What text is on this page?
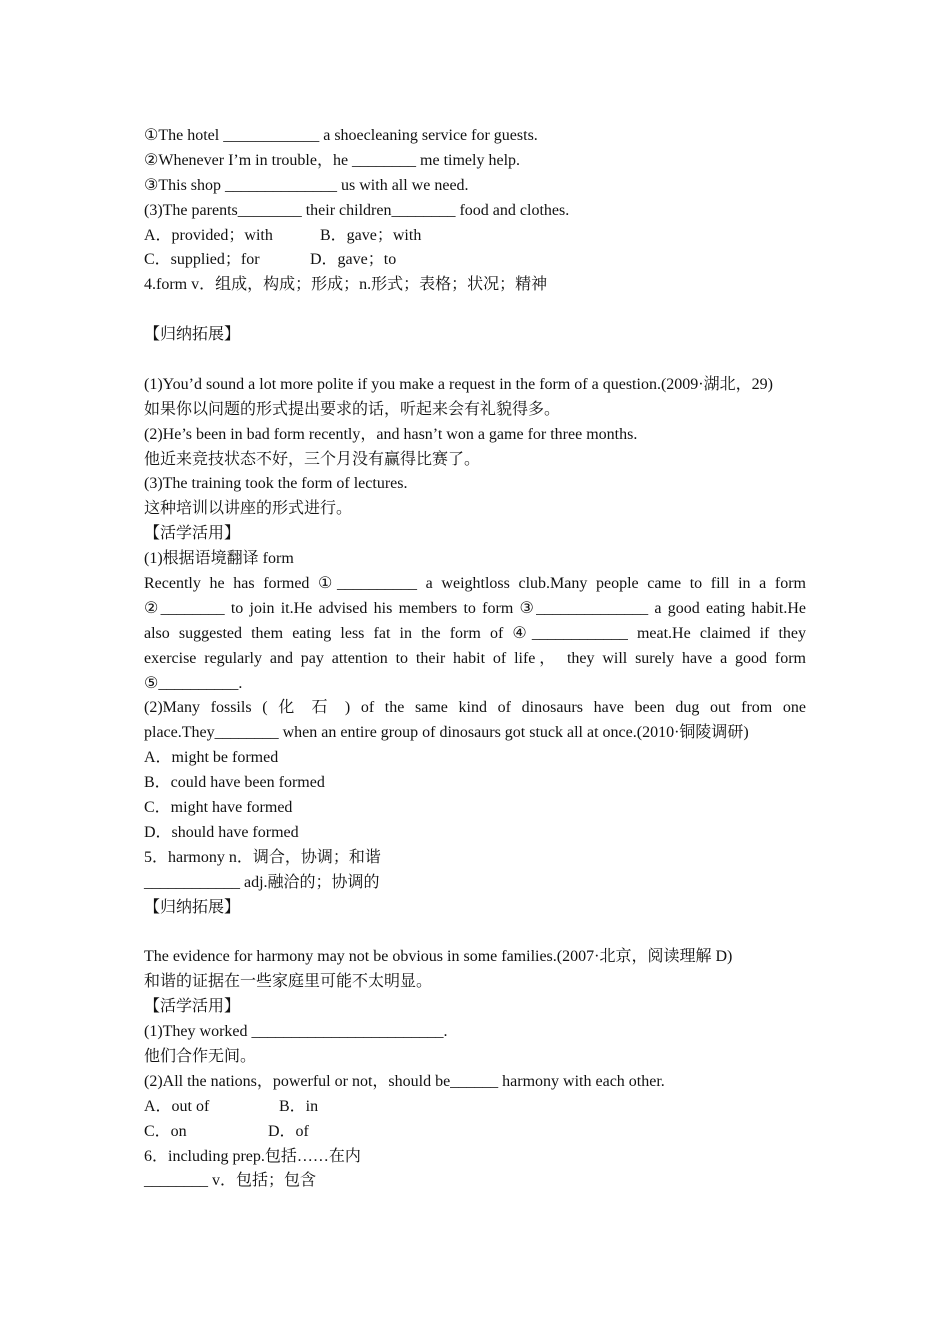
①The hotel ____________ a shoecleaning service for guests.
②Whenever I’m in trouble，he ________ me timely help.
③This shop ______________ us with all we need.
(3)The parents________ their children________ food and clothes.
A．provided；with	B．gave；with
C．supplied；for	D．gave；to
4.form v．组成，构成；形成；n.形式；表格；状况；精神
【归纳拓展】
(1)You’d sound a lot more polite if you make a request in the form of a question.(2009·湖北，29)
如果你以问题的形式提出要求的话，听起来会有礼貌得多。
(2)He’s been in bad form recently，and hasn’t won a game for three months.
他近来竞技状态不好，三个月没有赢得比赛了。
(3)The training took the form of lectures.
这种培训以讲座的形式进行。
【活学活用】
(1)根据语境翻译 form
Recently he has formed ①__________ a weightloss club.Many people came to fill in a form
②________ to join it.He advised his members to form ③______________ a good eating habit.He
also suggested them eating less fat in the form of ④____________ meat.He claimed if they
exercise regularly and pay attention to their habit of life， they will surely have a good form
⑤__________.
(2)Many fossils ( 化 石 ) of the same kind of dinosaurs have been dug out from one
place.They________ when an entire group of dinosaurs got stuck all at once.(2010·铜陵调研)
A．might be formed
B．could have been formed
C．might have formed
D．should have formed
5．harmony n．调合，协调；和谐
____________ adj.融洽的；协调的
【归纳拓展】
The evidence for harmony may not be obvious in some families.(2007·北京，阅读理解 D)
和谐的证据在一些家庭里可能不太明显。
【活学活用】
(1)They worked ________________________.
他们合作无间。
(2)All the nations，powerful or not，should be______ harmony with each other.
A．out of	B．in
C．on	D．of
6．including prep.包括……在内
________ v．包括；包含
